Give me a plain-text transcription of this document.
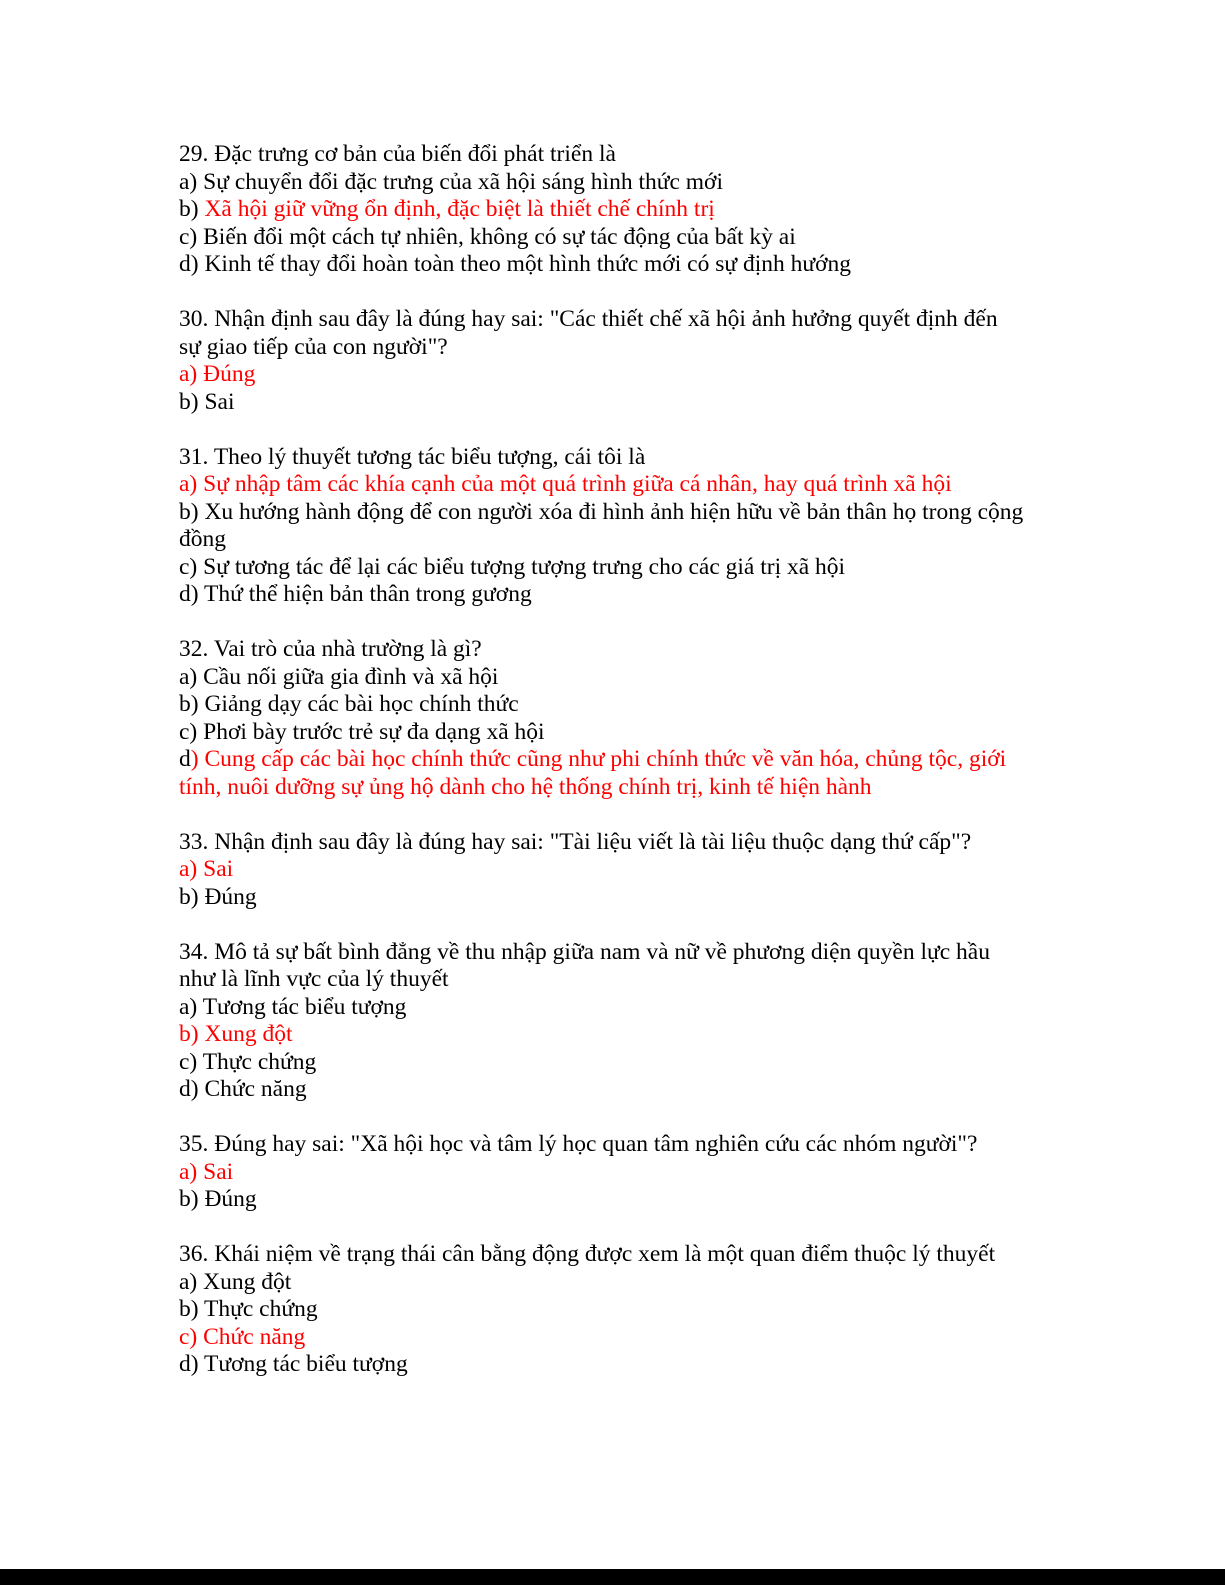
29. Đặc trưng cơ bản của biến đổi phát triển là
a) Sự chuyển đổi đặc trưng của xã hội sáng hình thức mới
b) Xã hội giữ vững ổn định, đặc biệt là thiết chế chính trị
c) Biến đổi một cách tự nhiên, không có sự tác động của bất kỳ ai
d) Kinh tế thay đổi hoàn toàn theo một hình thức mới có sự định hướng
30. Nhận định sau đây là đúng hay sai: "Các thiết chế xã hội ảnh hưởng quyết định đến
sự giao tiếp của con người"?
a) Đúng
b) Sai
31. Theo lý thuyết tương tác biểu tượng, cái tôi là
a) Sự nhập tâm các khía cạnh của một quá trình giữa cá nhân, hay quá trình xã hội
b) Xu hướng hành động để con người xóa đi hình ảnh hiện hữu về bản thân họ trong cộng
đồng
c) Sự tương tác để lại các biểu tượng tượng trưng cho các giá trị xã hội
d) Thứ thể hiện bản thân trong gương
32. Vai trò của nhà trường là gì?
a) Cầu nối giữa gia đình và xã hội
b) Giảng dạy các bài học chính thức
c) Phơi bày trước trẻ sự đa dạng xã hội
d) Cung cấp các bài học chính thức cũng như phi chính thức về văn hóa, chủng tộc, giới
tính, nuôi dưỡng sự ủng hộ dành cho hệ thống chính trị, kinh tế hiện hành
33. Nhận định sau đây là đúng hay sai: "Tài liệu viết là tài liệu thuộc dạng thứ cấp"?
a) Sai
b) Đúng
34. Mô tả sự bất bình đẳng về thu nhập giữa nam và nữ về phương diện quyền lực hầu
như là lĩnh vực của lý thuyết
a) Tương tác biểu tượng
b) Xung đột
c) Thực chứng
d) Chức năng
35. Đúng hay sai: "Xã hội học và tâm lý học quan tâm nghiên cứu các nhóm người"?
a) Sai
b) Đúng
36. Khái niệm về trạng thái cân bằng động được xem là một quan điểm thuộc lý thuyết
a) Xung đột
b) Thực chứng
c) Chức năng
d) Tương tác biểu tượng
